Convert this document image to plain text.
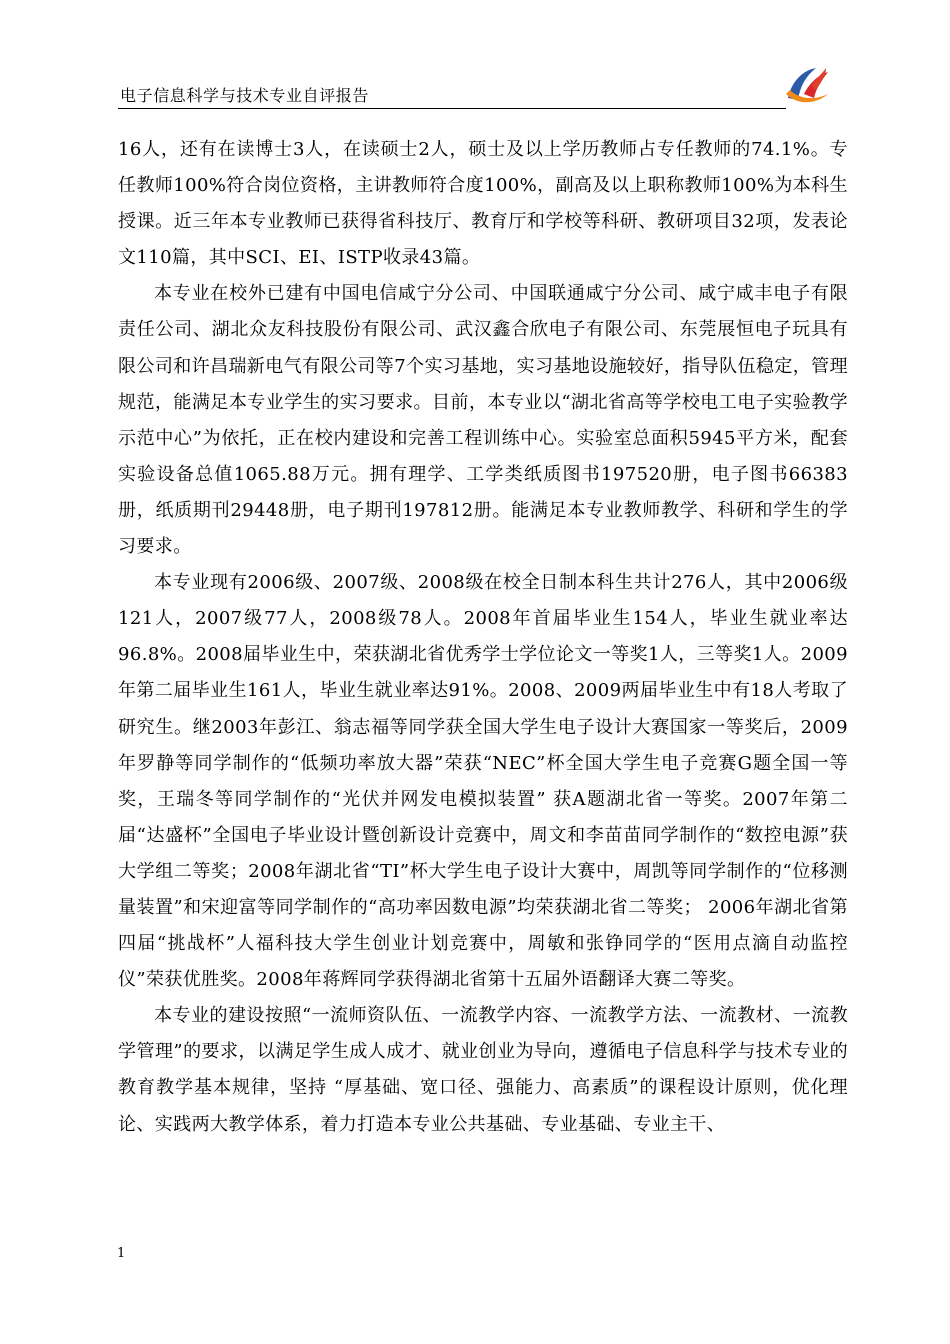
电子信息科学与技术专业自评报告

16人，还有在读博士3人，在读硕士2人，硕士及以上学历教师占专任教师的74.1%。专任教师100%符合岗位资格，主讲教师符合度100%，副高及以上职称教师100%为本科生授课。近三年本专业教师已获得省科技厅、教育厅和学校等科研、教研项目32项，发表论文110篇，其中SCI、EI、ISTP收录43篇。

本专业在校外已建有中国电信咸宁分公司、中国联通咸宁分公司、咸宁咸丰电子有限责任公司、湖北众友科技股份有限公司、武汉鑫合欣电子有限公司、东莞展恒电子玩具有限公司和许昌瑞新电气有限公司等7个实习基地，实习基地设施较好，指导队伍稳定，管理规范，能满足本专业学生的实习要求。目前，本专业以“湖北省高等学校电工电子实验教学示范中心”为依托，正在校内建设和完善工程训练中心。实验室总面积5945平方米，配套实验设备总值1065.88万元。拥有理学、工学类纸质图书197520册，电子图书66383册，纸质期刊29448册，电子期刊197812册。能满足本专业教师教学、科研和学生的学习要求。

本专业现有2006级、2007级、2008级在校全日制本科生共计276人，其中2006级121人，2007级77人，2008级78人。2008年首届毕业生154人，毕业生就业率达96.8%。2008届毕业生中，荣获湖北省优秀学士学位论文一等奖1人，三等奖1人。2009年第二届毕业生161人，毕业生就业率达91%。2008、2009两届毕业生中有18人考取了研究生。继2003年彭江、翁志福等同学获全国大学生电子设计大赛国家一等奖后，2009年罗静等同学制作的“低频功率放大器”荣获“NEC”杯全国大学生电子竞赛G题全国一等奖，王瑞冬等同学制作的“光伏并网发电模拟装置” 获A题湖北省一等奖。2007年第二届“达盛杯”全国电子毕业设计暨创新设计竞赛中，周文和李苗苗同学制作的“数控电源”获大学组二等奖；2008年湖北省“TI”杯大学生电子设计大赛中，周凯等同学制作的“位移测量装置”和宋迎富等同学制作的“高功率因数电源”均荣获湖北省二等奖； 2006年湖北省第四届“挑战杯”人福科技大学生创业计划竞赛中，周敏和张铮同学的“医用点滴自动监控仪”荣获优胜奖。2008年蒋辉同学获得湖北省第十五届外语翻译大赛二等奖。

本专业的建设按照“一流师资队伍、一流教学内容、一流教学方法、一流教材、一流教学管理”的要求，以满足学生成人成才、就业创业为导向，遵循电子信息科学与技术专业的教育教学基本规律，坚持 “厚基础、宽口径、强能力、高素质”的课程设计原则，优化理论、实践两大教学体系，着力打造本专业公共基础、专业基础、专业主干、

1
